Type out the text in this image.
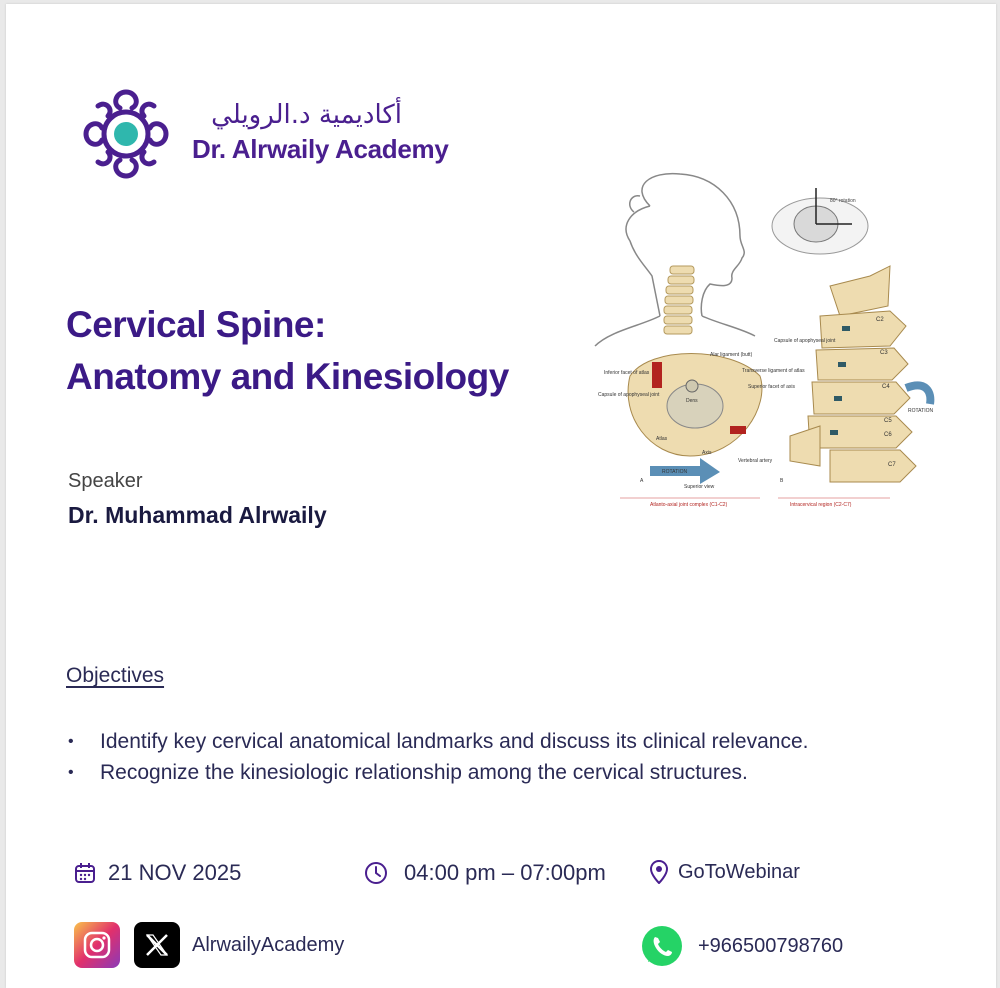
أكاديمية د.الرويلي
Dr. Alrwaily Academy
Cervical Spine:
Anatomy and Kinesiology
Speaker
Dr. Muhammad Alrwaily
80° rotation
C2
C3
C4
C5
C6
C7
Capsule of apophyseal joint
ROTATION
Alar ligament (butt)
Inferior facet of atlas	Transverse ligament of atlas
Superior facet of axis
Capsule of apophyseal joint
Dens
Atlas
Axis
Vertebral artery
ROTATION
Superior view
A	B
Atlanto-axial joint complex (C1-C2)	Intracervical region (C2-C7)
Objectives
• Identify key cervical anatomical landmarks and discuss its clinical relevance.
• Recognize the kinesiologic relationship among the cervical structures.
21 NOV 2025	04:00 pm – 07:00pm	GoToWebinar
AlrwailyAcademy	+966500798760
